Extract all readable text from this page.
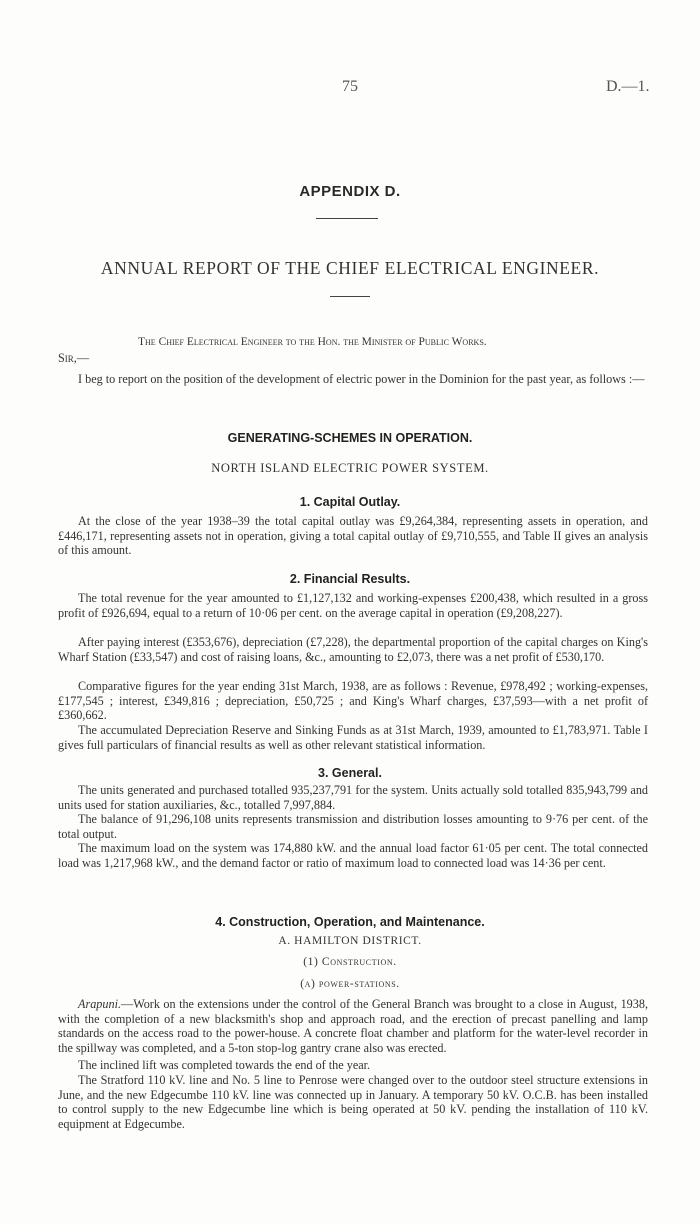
75	D.—1.
APPENDIX D.
ANNUAL REPORT OF THE CHIEF ELECTRICAL ENGINEER.
The Chief Electrical Engineer to the Hon. the Minister of Public Works.
Sir,—
I beg to report on the position of the development of electric power in the Dominion for the past year, as follows :—
GENERATING-SCHEMES IN OPERATION.
NORTH ISLAND ELECTRIC POWER SYSTEM.
1. Capital Outlay.
At the close of the year 1938–39 the total capital outlay was £9,264,384, representing assets in operation, and £446,171, representing assets not in operation, giving a total capital outlay of £9,710,555, and Table II gives an analysis of this amount.
2. Financial Results.
The total revenue for the year amounted to £1,127,132 and working-expenses £200,438, which resulted in a gross profit of £926,694, equal to a return of 10·06 per cent. on the average capital in operation (£9,208,227).
After paying interest (£353,676), depreciation (£7,228), the departmental proportion of the capital charges on King's Wharf Station (£33,547) and cost of raising loans, &c., amounting to £2,073, there was a net profit of £530,170.
Comparative figures for the year ending 31st March, 1938, are as follows : Revenue, £978,492 ; working-expenses, £177,545 ; interest, £349,816 ; depreciation, £50,725 ; and King's Wharf charges, £37,593—with a net profit of £360,662.
The accumulated Depreciation Reserve and Sinking Funds as at 31st March, 1939, amounted to £1,783,971. Table I gives full particulars of financial results as well as other relevant statistical information.
3. General.
The units generated and purchased totalled 935,237,791 for the system. Units actually sold totalled 835,943,799 and units used for station auxiliaries, &c., totalled 7,997,884.
The balance of 91,296,108 units represents transmission and distribution losses amounting to 9·76 per cent. of the total output.
The maximum load on the system was 174,880 kW. and the annual load factor 61·05 per cent. The total connected load was 1,217,968 kW., and the demand factor or ratio of maximum load to connected load was 14·36 per cent.
4. Construction, Operation, and Maintenance.
A. HAMILTON DISTRICT.
(1) Construction.
(a) power-stations.
Arapuni.—Work on the extensions under the control of the General Branch was brought to a close in August, 1938, with the completion of a new blacksmith's shop and approach road, and the erection of precast panelling and lamp standards on the access road to the power-house. A concrete float chamber and platform for the water-level recorder in the spillway was completed, and a 5-ton stop-log gantry crane also was erected.
The inclined lift was completed towards the end of the year.
The Stratford 110 kV. line and No. 5 line to Penrose were changed over to the outdoor steel structure extensions in June, and the new Edgecumbe 110 kV. line was connected up in January. A temporary 50 kV. O.C.B. has been installed to control supply to the new Edgecumbe line which is being operated at 50 kV. pending the installation of 110 kV. equipment at Edgecumbe.
